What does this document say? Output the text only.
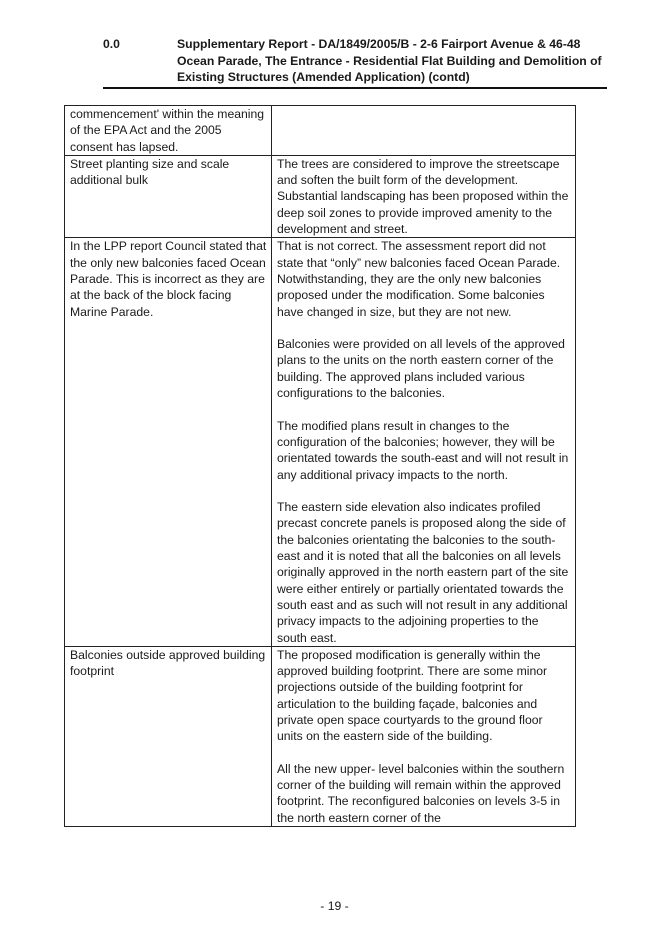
0.0	Supplementary Report - DA/1849/2005/B - 2-6 Fairport Avenue & 46-48 Ocean Parade, The Entrance - Residential Flat Building and Demolition of Existing Structures (Amended Application) (contd)
commencement' within the meaning of the EPA Act and the 2005 consent has lapsed.	
Street planting size and scale additional bulk	The trees are considered to improve the streetscape and soften the built form of the development. Substantial landscaping has been proposed within the deep soil zones to provide improved amenity to the development and street.

In the LPP report Council stated that the only new balconies faced Ocean Parade. This is incorrect as they are at the back of the block facing Marine Parade.	That is not correct. The assessment report did not state that “only” new balconies faced Ocean Parade. Notwithstanding, they are the only new balconies proposed under the modification. Some balconies have changed in size, but they are not new.
Balconies were provided on all levels of the approved plans to the units on the north eastern corner of the building. The approved plans included various configurations to the balconies.
The modified plans result in changes to the configuration of the balconies; however, they will be orientated towards the south-east and will not result in any additional privacy impacts to the north.
The eastern side elevation also indicates profiled precast concrete panels is proposed along the side of the balconies orientating the balconies to the south-east and it is noted that all the balconies on all levels originally approved in the north eastern part of the site were either entirely or partially orientated towards the south east and as such will not result in any additional privacy impacts to the adjoining properties to the south east.

Balconies outside approved building footprint	The proposed modification is generally within the approved building footprint. There are some minor projections outside of the building footprint for articulation to the building façade, balconies and private open space courtyards to the ground floor units on the eastern side of the building.
All the new upper- level balconies within the southern corner of the building will remain within the approved footprint. The reconfigured balconies on levels 3-5 in the north eastern corner of the
- 19 -
